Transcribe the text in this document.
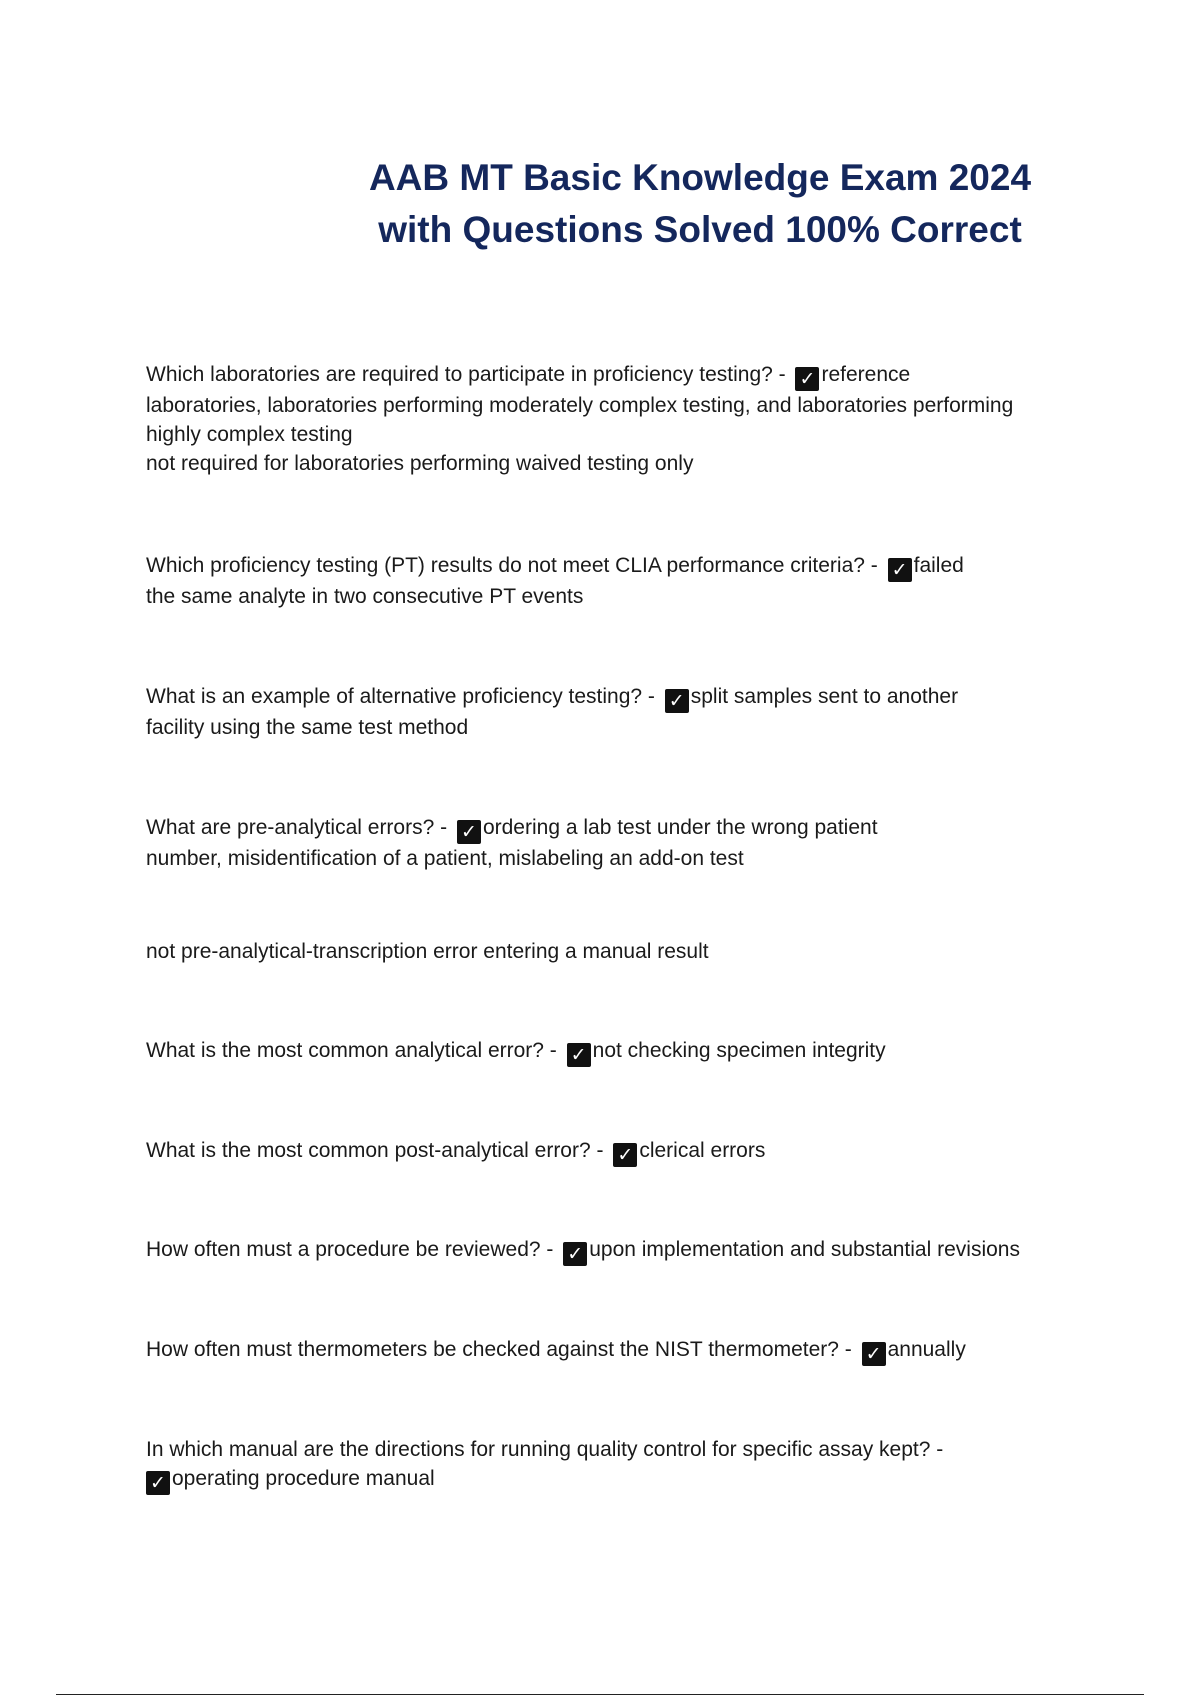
AAB MT Basic Knowledge Exam 2024
with Questions Solved 100% Correct
Which laboratories are required to participate in proficiency testing? - ✓ reference
laboratories, laboratories performing moderately complex testing, and laboratories performing
highly complex testing
not required for laboratories performing waived testing only
Which proficiency testing (PT) results do not meet CLIA performance criteria? - ✓ failed
the same analyte in two consecutive PT events
What is an example of alternative proficiency testing? - ✓ split samples sent to another
facility using the same test method
What are pre-analytical errors? - ✓ ordering a lab test under the wrong patient
number, misidentification of a patient, mislabeling an add-on test
not pre-analytical-transcription error entering a manual result
What is the most common analytical error? - ✓ not checking specimen integrity
What is the most common post-analytical error? - ✓ clerical errors
How often must a procedure be reviewed? - ✓ upon implementation and substantial revisions
How often must thermometers be checked against the NIST thermometer? - ✓ annually
In which manual are the directions for running quality control for specific assay kept? -
✓ operating procedure manual
